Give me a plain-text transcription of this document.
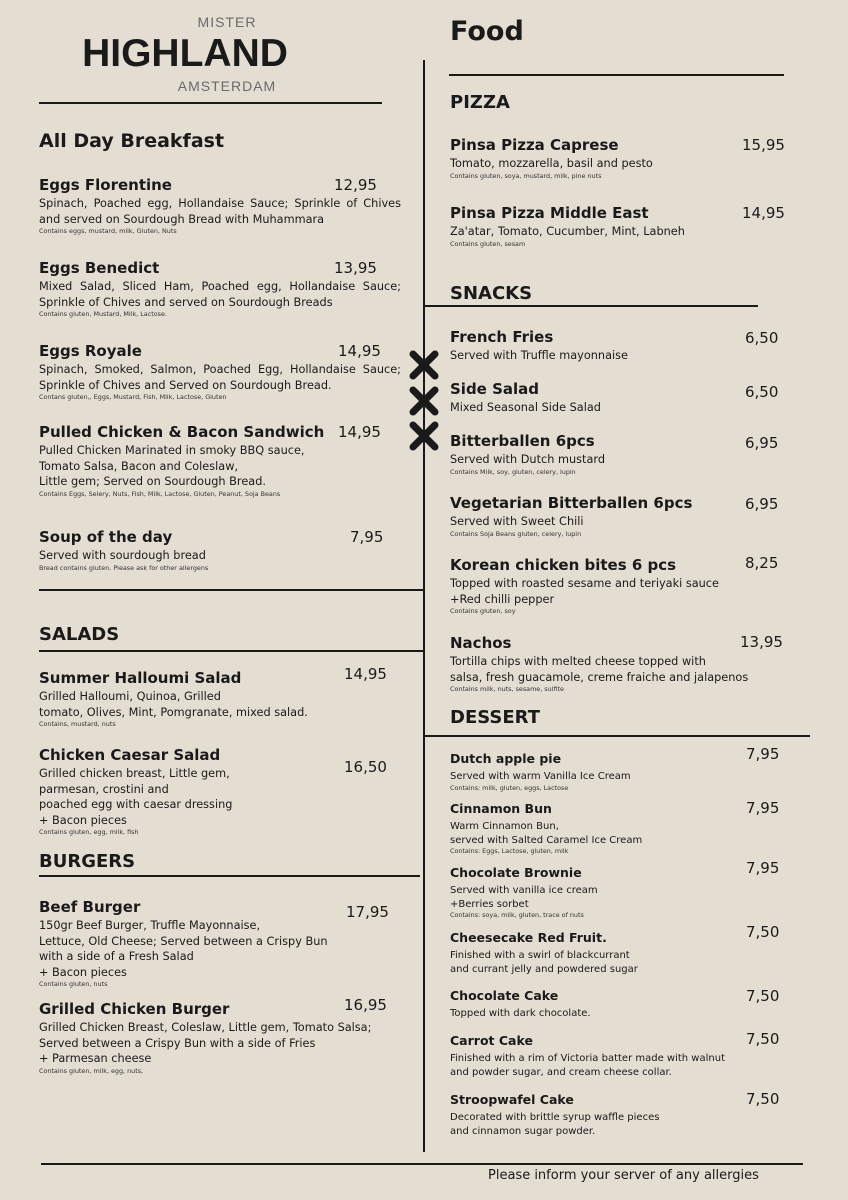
MISTER
HIGHLAND
AMSTERDAM
All Day Breakfast
SALADS
BURGERS
Food
PIZZA
SNACKS
DESSERT
Eggs Florentine
Spinach, Poached egg, Hollandaise Sauce; Sprinkle of Chives and served on Sourdough Bread with Muhammara
Contains eggs, mustard, milk, Gluten, Nuts
12,95
Eggs Benedict
Mixed Salad, Sliced Ham, Poached egg, Hollandaise Sauce; Sprinkle of Chives and served on Sourdough Breads
Contains gluten, Mustard, Milk, Lactose.
13,95
Eggs Royale
Spinach, Smoked, Salmon, Poached Egg, Hollandaise Sauce; Sprinkle of Chives and Served on Sourdough Bread.
Contans gluten,, Eggs, Mustard, Fish, Milk, Lactose, Gluten
14,95
Pulled Chicken & Bacon Sandwich
Pulled Chicken Marinated in smoky BBQ sauce,
Tomato Salsa, Bacon and Coleslaw,
Little gem; Served on Sourdough Bread.
Contains Eggs, Selery, Nuts, Fish, Milk, Lactose, Gluten, Peanut, Soja Beans
14,95
Soup of the day
Served with sourdough bread
Bread contains gluten. Please ask for other allergens
7,95
Summer Halloumi Salad
Grilled Halloumi, Quinoa, Grilled
tomato, Olives, Mint, Pomgranate, mixed salad.
Contains, mustard, nuts
14,95
Chicken Caesar Salad
Grilled chicken breast, Little gem,
parmesan, crostini and
poached egg with caesar dressing
+ Bacon pieces
Contains gluten, egg, milk, fish
16,50
Beef Burger
150gr Beef Burger, Truffle Mayonnaise,
Lettuce, Old Cheese; Served between a Crispy Bun
with a side of a Fresh Salad
+ Bacon pieces
Contains gluten, nuts
17,95
Grilled Chicken Burger
Grilled Chicken Breast, Coleslaw, Little gem, Tomato Salsa;
Served between a Crispy Bun with a side of Fries
+ Parmesan cheese
Contains gluten, milk, egg, nuts,
16,95
Pinsa Pizza Caprese
Tomato, mozzarella, basil and pesto
Contains gluten, soya, mustard, milk, pine nuts
15,95
Pinsa Pizza Middle East
Za'atar, Tomato, Cucumber, Mint, Labneh
Contains gluten, sesam
14,95
French Fries
Served with Truffle mayonnaise
6,50
Side Salad
Mixed Seasonal Side Salad
6,50
Bitterballen 6pcs
Served with Dutch mustard
Contains Milk, soy, gluten, celery, lupin
6,95
Vegetarian Bitterballen 6pcs
Served with Sweet Chili
Contains Soja Beans gluten, celery, lupin
6,95
Korean chicken bites 6 pcs
Topped with roasted sesame and teriyaki sauce
+Red chilli pepper
Contains gluten, soy
8,25
Nachos
Tortilla chips with melted cheese topped with
salsa, fresh guacamole, creme fraiche and jalapenos
Contains milk, nuts, sesame, sulfite
13,95
Dutch apple pie
Served with warm Vanilla Ice Cream
Contains: milk, gluten, eggs, Lactose
7,95
Cinnamon Bun
Warm Cinnamon Bun,
served with Salted Caramel Ice Cream
Contains: Eggs, Lactose, gluten, milk
7,95
Chocolate Brownie
Served with vanilla ice cream
+Berries sorbet
Contains: soya, milk, gluten, trace of nuts
7,95
Cheesecake Red Fruit.
Finished with a swirl of blackcurrant
and currant jelly and powdered sugar
7,50
Chocolate Cake
Topped with dark chocolate.
7,50
Carrot Cake
Finished with a rim of Victoria batter made with walnut
and powder sugar, and cream cheese collar.
7,50
Stroopwafel Cake
Decorated with brittle syrup waffle pieces
and cinnamon sugar powder.
7,50
Please inform your server of any allergies
